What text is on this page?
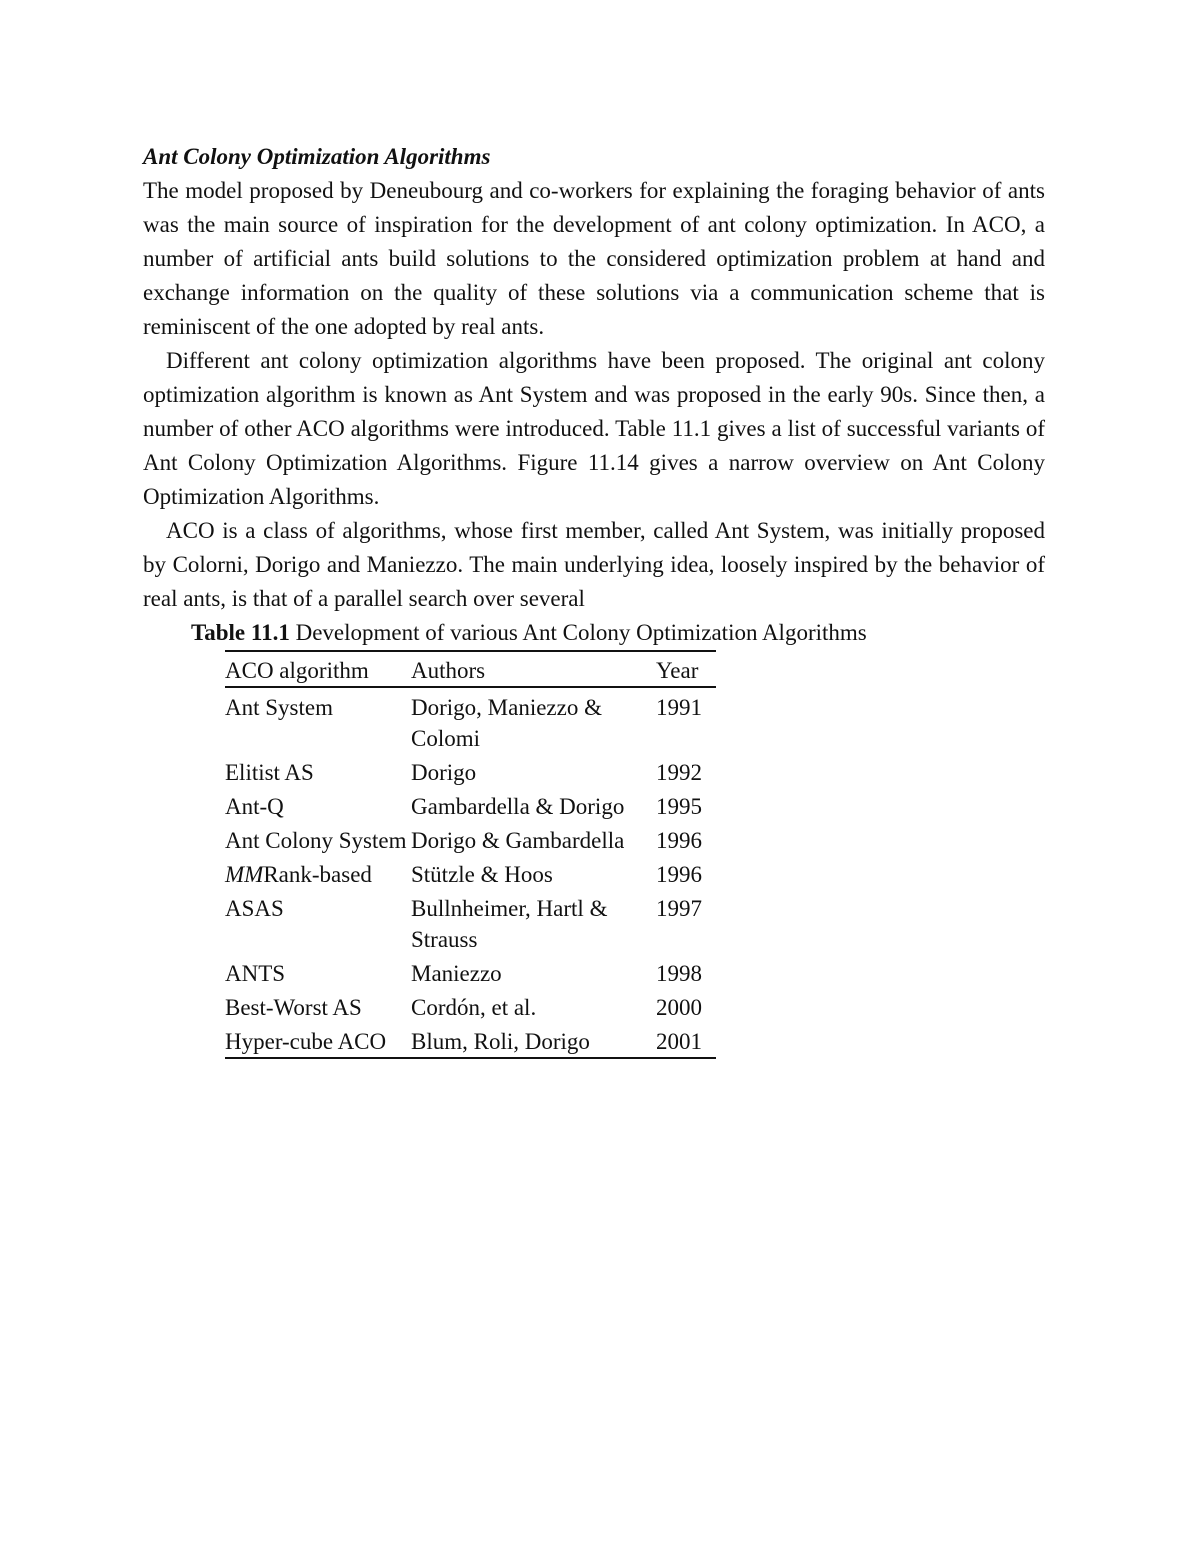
Ant Colony Optimization Algorithms

The model proposed by Deneubourg and co-workers for explaining the foraging behavior of ants was the main source of inspiration for the development of ant colony optimization. In ACO, a number of artificial ants build solutions to the considered optimization problem at hand and exchange information on the quality of these solutions via a communication scheme that is reminiscent of the one adopted by real ants.

Different ant colony optimization algorithms have been proposed. The original ant colony optimization algorithm is known as Ant System and was proposed in the early 90s. Since then, a number of other ACO algorithms were introduced. Table 11.1 gives a list of successful variants of Ant Colony Optimization Algorithms. Figure 11.14 gives a narrow overview on Ant Colony Optimization Algorithms.

ACO is a class of algorithms, whose first member, called Ant System, was initially proposed by Colorni, Dorigo and Maniezzo. The main underlying idea, loosely inspired by the behavior of real ants, is that of a parallel search over several

Table 11.1 Development of various Ant Colony Optimization Algorithms

ACO algorithm	Authors	Year
Ant System	Dorigo, Maniezzo & Colomi	1991
Elitist AS	Dorigo	1992
Ant-Q	Gambardella & Dorigo	1995
Ant Colony System	Dorigo & Gambardella	1996
MMRank-based	Stützle & Hoos	1996
ASAS	Bullnheimer, Hartl & Strauss	1997
ANTS	Maniezzo	1998
Best-Worst AS	Cordón, et al.	2000
Hyper-cube ACO	Blum, Roli, Dorigo	2001
